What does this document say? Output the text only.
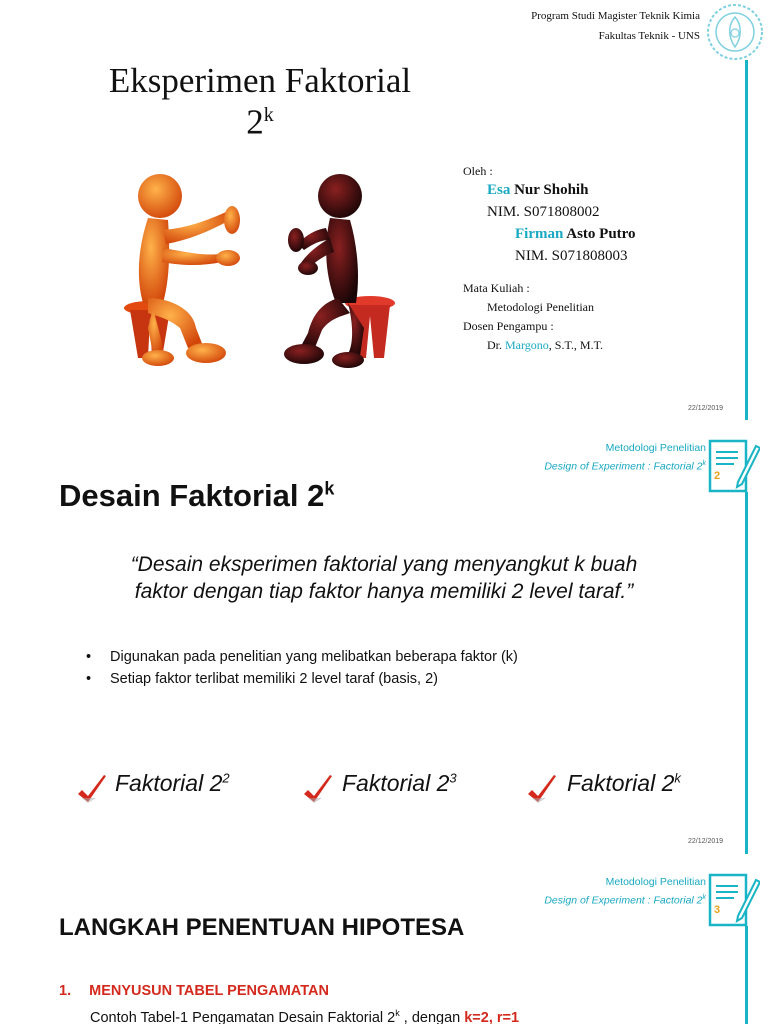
Program Studi Magister Teknik Kimia
Fakultas Teknik - UNS
Eksperimen Faktorial
2$^k$
Oleh :
Esa Nur Shohih
NIM. S071808002
Firman Asto Putro
NIM. S071808003
Mata Kuliah :
Metodologi Penelitian
Dosen Pengampu :
Dr. Margono, S.T., M.T.
22/12/2019
Metodologi Penelitian
Design of Experiment : Factorial 2$^k$
2
Desain Faktorial 2$^k$
“Desain eksperimen faktorial yang menyangkut k buah
faktor dengan tiap faktor hanya memiliki 2 level taraf.”
• Digunakan pada penelitian yang melibatkan beberapa faktor (k)
• Setiap faktor terlibat memiliki 2 level taraf (basis, 2)
Faktorial $2^2$	Faktorial $2^3$	Faktorial 2$^k$
22/12/2019
Metodologi Penelitian
Design of Experiment : Factorial 2$^k$
3
LANGKAH PENENTUAN HIPOTESA
1. MENYUSUN TABEL PENGAMATAN
Contoh Tabel-1 Pengamatan Desain Faktorial 2$^k$ , dengan k=2, r=1
